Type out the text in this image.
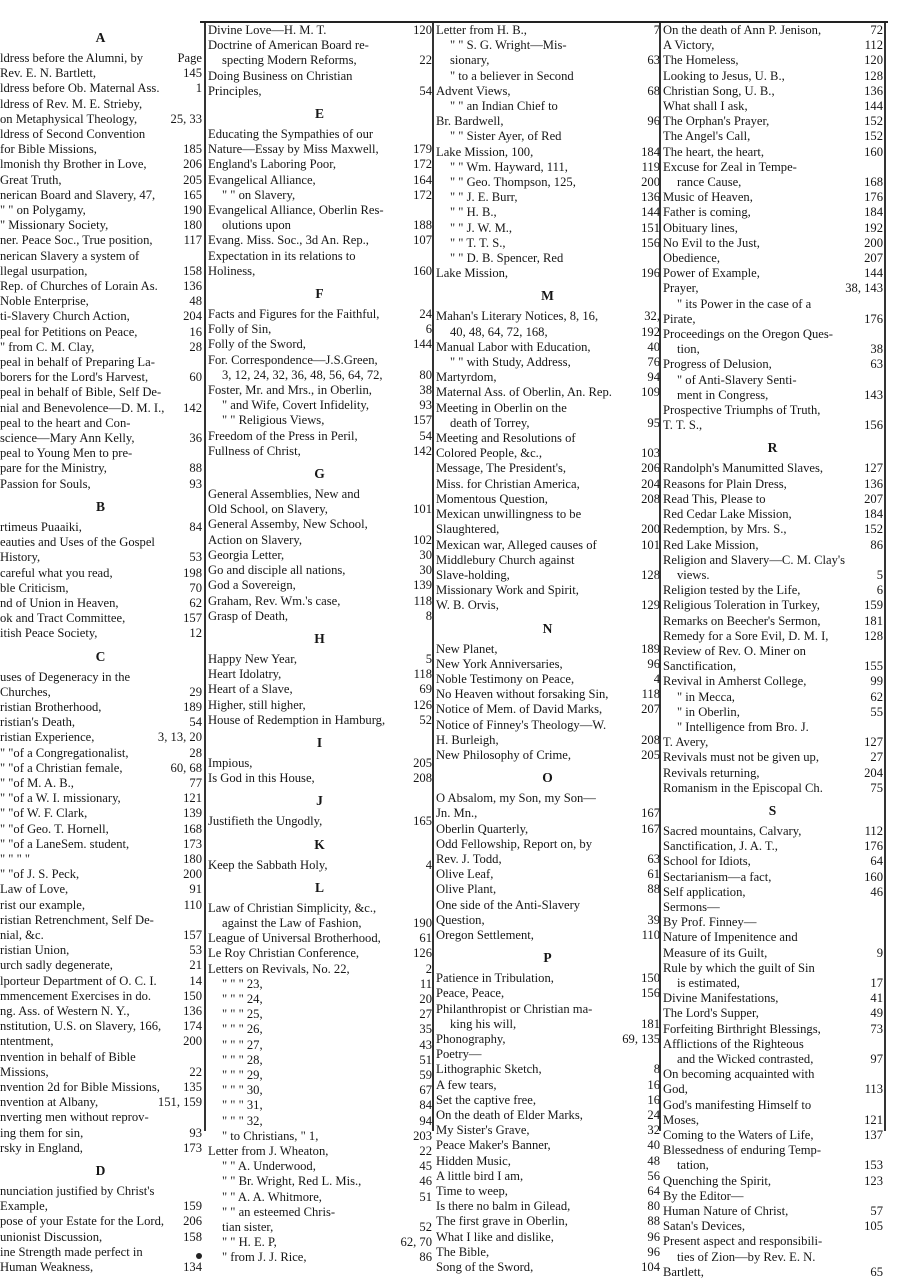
A
ldress before the Alumni, by	Page
Rev. E. N. Bartlett,	145
ldress before Ob. Maternal Ass.	1
ldress of Rev. M. E. Strieby,
on Metaphysical Theology,	25, 33
ldress of Second Convention
for Bible Missions,	185
lmonish thy Brother in Love,	206
Great Truth,	205
nerican Board and Slavery, 47,	165
" " on Polygamy,	190
" Missionary Society,	180
ner. Peace Soc., True position,	117
nerican Slavery a system of
llegal usurpation,	158
Rep. of Churches of Lorain As.	136
Noble Enterprise,	48
ti-Slavery Church Action,	204
peal for Petitions on Peace,	16
" from C. M. Clay,	28
peal in behalf of Preparing La-
borers for the Lord's Harvest,	60
peal in behalf of Bible, Self De-
nial and Benevolence—D. M. I.,	142
peal to the heart and Con-
science—Mary Ann Kelly,	36
peal to Young Men to pre-
pare for the Ministry,	88
Passion for Souls,	93
B
rtimeus Puaaiki,	84
eauties and Uses of the Gospel
History,	53
careful what you read,	198
ble Criticism,	70
nd of Union in Heaven,	62
ok and Tract Committee,	157
itish Peace Society,	12
C
uses of Degeneracy in the
Churches,	29
ristian Brotherhood,	189
ristian's Death,	54
ristian Experience,	3, 13, 20
" "of a Congregationalist,	28
" "of a Christian female,	60, 68
" "of M. A. B.,	77
" "of a W. I. missionary,	121
" "of W. F. Clark,	139
" "of Geo. T. Hornell,	168
" "of a LaneSem. student,	173
" " " "	180
" "of J. S. Peck,	200
Law of Love,	91
rist our example,	110
ristian Retrenchment, Self De-
nial, &c.	157
ristian Union,	53
urch sadly degenerate,	21
lporteur Department of O. C. I.	14
mmencement Exercises in do.	150
ng. Ass. of Western N. Y.,	136
nstitution, U.S. on Slavery, 166,	174
ntentment,	200
nvention in behalf of Bible
Missions,	22
nvention 2d for Bible Missions,	135
nvention at Albany,	151, 159
nverting men without reprov-
ing them for sin,	93
rsky in England,	173
D
nunciation justified by Christ's
Example,	159
pose of your Estate for the Lord,	206
unionist Discussion,	158
ine Strength made perfect in
Human Weakness,	134
Divine Love—H. M. T.	120
Doctrine of American Board re-
specting Modern Reforms,	22
Doing Business on Christian
Principles,	54
E
Educating the Sympathies of our
Nature—Essay by Miss Maxwell,	179
England's Laboring Poor,	172
Evangelical Alliance,	164
" " on Slavery,	172
Evangelical Alliance, Oberlin Res-
olutions upon	188
Evang. Miss. Soc., 3d An. Rep.,	107
Expectation in its relations to
Holiness,	160
F
Facts and Figures for the Faithful,	24
Folly of Sin,	6
Folly of the Sword,	144
For. Correspondence—J.S.Green,
3, 12, 24, 32, 36, 48, 56, 64, 72,	80
Foster, Mr. and Mrs., in Oberlin,	38
" and Wife, Covert Infidelity,	93
" " Religious Views,	157
Freedom of the Press in Peril,	54
Fullness of Christ,	142
G
General Assemblies, New and
Old School, on Slavery,	101
General Assemby, New School,
Action on Slavery,	102
Georgia Letter,	30
Go and disciple all nations,	30
God a Sovereign,	139
Graham, Rev. Wm.'s case,	118
Grasp of Death,	8
H
Happy New Year,	5
Heart Idolatry,	118
Heart of a Slave,	69
Higher, still higher,	126
House of Redemption in Hamburg,	52
I
Impious,	205
Is God in this House,	208
J
Justifieth the Ungodly,	165
K
Keep the Sabbath Holy,	4
L
Law of Christian Simplicity, &c.,
against the Law of Fashion,	190
League of Universal Brotherhood,	61
Le Roy Christian Conference,	126
Letters on Revivals, No. 22,	2
" " " 23,	11
" " " 24,	20
" " " 25,	27
" " " 26,	35
" " " 27,	43
" " " 28,	51
" " " 29,	59
" " " 30,	67
" " " 31,	84
" " " 32,	94
" to Christians, " 1,	203
Letter from J. Wheaton,	22
" " A. Underwood,	45
" " Br. Wright, Red L. Mis.,	46
" " A. A. Whitmore,	51
" " an esteemed Chris-
tian sister,	52
" " H. E. P,	62, 70
" from J. J. Rice,	86
Letter from H. B.,	7
" " S. G. Wright—Mis-
sionary,	63
" to a believer in Second
Advent Views,	68
" " an Indian Chief to
Br. Bardwell,	96
" " Sister Ayer, of Red
Lake Mission, 100,	184
" " Wm. Hayward, 111,	119
" " Geo. Thompson, 125,	200
" " J. E. Burr,	136
" " H. B.,	144
" " J. W. M.,	151
" " T. T. S.,	156
" " D. B. Spencer, Red
Lake Mission,	196
M
Mahan's Literary Notices, 8, 16,	32,
40, 48, 64, 72, 168,	192
Manual Labor with Education,	40
" " with Study, Address,	76
Martyrdom,	94
Maternal Ass. of Oberlin, An. Rep.	109
Meeting in Oberlin on the
death of Torrey,	95
Meeting and Resolutions of
Colored People, &c.,	103
Message, The President's,	206
Miss. for Christian America,	204
Momentous Question,	208
Mexican unwillingness to be
Slaughtered,	200
Mexican war, Alleged causes of	101
Middlebury Church against
Slave-holding,	128
Missionary Work and Spirit,
W. B. Orvis,	129
N
New Planet,	189
New York Anniversaries,	96
Noble Testimony on Peace,	4
No Heaven without forsaking Sin,	118
Notice of Mem. of David Marks,	207
Notice of Finney's Theology—W.
H. Burleigh,	208
New Philosophy of Crime,	205
O
O Absalom, my Son, my Son—
Jn. Mn.,	167
Oberlin Quarterly,	167
Odd Fellowship, Report on, by
Rev. J. Todd,	63
Olive Leaf,	61
Olive Plant,	88
One side of the Anti-Slavery
Question,	39
Oregon Settlement,	110
P
Patience in Tribulation,	150
Peace, Peace,	156
Philanthropist or Christian ma-
king his will,	181
Phonography,	69, 135
Poetry—
Lithographic Sketch,	8
A few tears,	16
Set the captive free,	16
On the death of Elder Marks,	24
My Sister's Grave,	32
Peace Maker's Banner,	40
Hidden Music,	48
A little bird I am,	56
Time to weep,	64
Is there no balm in Gilead,	80
The first grave in Oberlin,	88
What I like and dislike,	96
The Bible,	96
Song of the Sword,	104
On the death of Ann P. Jenison,	72
A Victory,	112
The Homeless,	120
Looking to Jesus, U. B.,	128
Christian Song, U. B.,	136
What shall I ask,	144
The Orphan's Prayer,	152
The Angel's Call,	152
The heart, the heart,	160
Excuse for Zeal in Tempe-
rance Cause,	168
Music of Heaven,	176
Father is coming,	184
Obituary lines,	192
No Evil to the Just,	200
Obedience,	207
Power of Example,	144
Prayer,	38, 143
" its Power in the case of a
Pirate,	176
Proceedings on the Oregon Ques-
tion,	38
Progress of Delusion,	63
" of Anti-Slavery Senti-
ment in Congress,	143
Prospective Triumphs of Truth,
T. T. S.,	156
R
Randolph's Manumitted Slaves,	127
Reasons for Plain Dress,	136
Read This, Please to	207
Red Cedar Lake Mission,	184
Redemption, by Mrs. S.,	152
Red Lake Mission,	86
Religion and Slavery—C. M. Clay's
views.	5
Religion tested by the Life,	6
Religious Toleration in Turkey,	159
Remarks on Beecher's Sermon,	181
Remedy for a Sore Evil, D. M. I,	128
Review of Rev. O. Miner on
Sanctification,	155
Revival in Amherst College,	99
" in Mecca,	62
" in Oberlin,	55
" Intelligence from Bro. J.
T. Avery,	127
Revivals must not be given up,	27
Revivals returning,	204
Romanism in the Episcopal Ch.	75
S
Sacred mountains, Calvary,	112
Sanctification, J. A. T.,	176
School for Idiots,	64
Sectarianism—a fact,	160
Self application,	46
Sermons—
By Prof. Finney—
Nature of Impenitence and
Measure of its Guilt,	9
Rule by which the guilt of Sin
is estimated,	17
Divine Manifestations,	41
The Lord's Supper,	49
Forfeiting Birthright Blessings,	73
Afflictions of the Righteous
and the Wicked contrasted,	97
On becoming acquainted with
God,	113
God's manifesting Himself to
Moses,	121
Coming to the Waters of Life,	137
Blessedness of enduring Temp-
tation,	153
Quenching the Spirit,	123
By the Editor—
Human Nature of Christ,	57
Satan's Devices,	105
Present aspect and responsibili-
ties of Zion—by Rev. E. N.
Bartlett,	65
